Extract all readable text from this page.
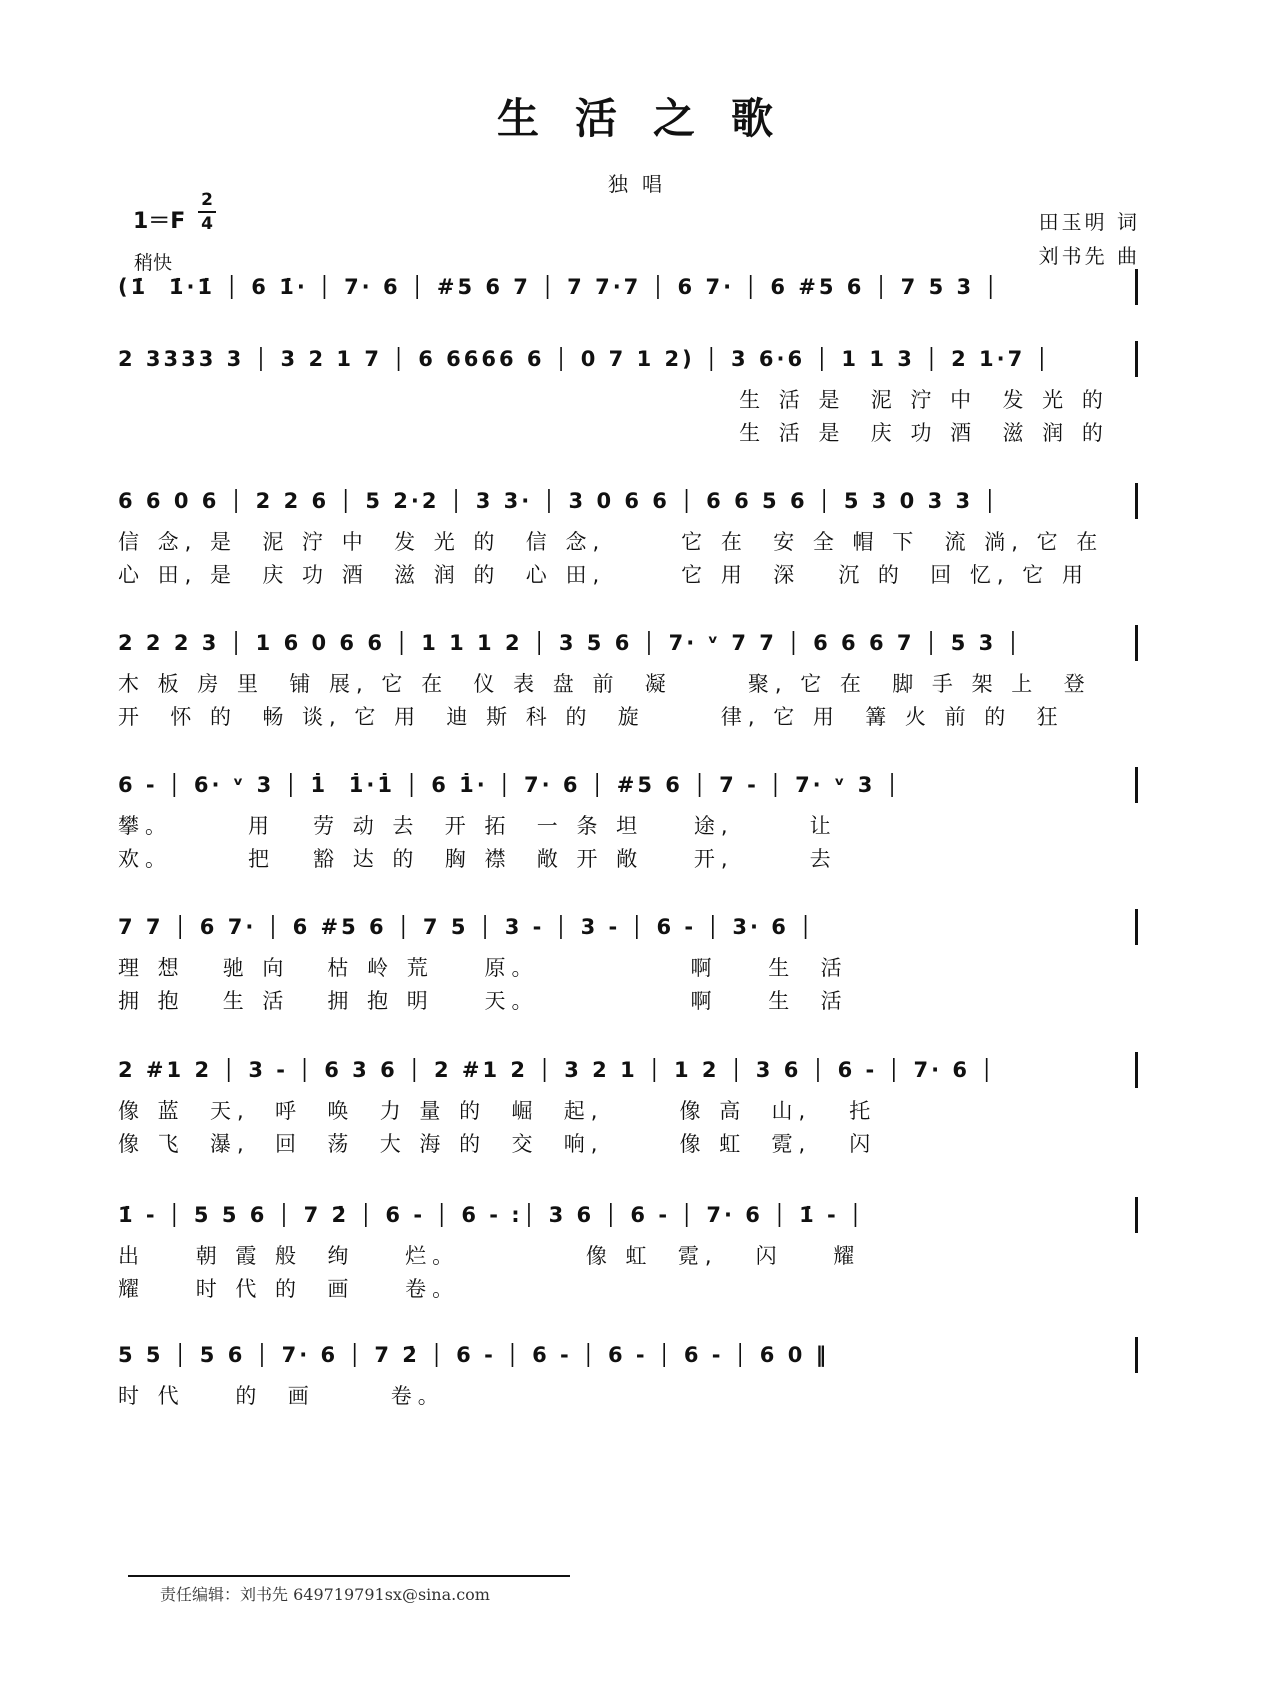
生活之歌
独唱
1＝F
2
4
稍快
田玉明 词
刘书先 曲
(1̇  1̇·1̇ │ 6 1̇· │ 7· 6 │ #5 6 7 │ 7 7·7 │ 6 7· │ 6 #5 6 │ 7 5 3 │
2 3333 3 │ 3 2 1 7 │ 6 6666 6 │ 0 7 1 2) │ 3 6·6 │ 1 1 3 │ 2 1·7 │
生 活 是  泥 泞 中  发 光 的
生 活 是  庆 功 酒  滋 润 的
6 6 0 6 │ 2 2 6 │ 5 2·2 │ 3 3· │ 3 0 6 6 │ 6 6 5 6 │ 5 3 0 3 3 │
信 念, 是  泥 泞 中  发 光 的  信 念,      它 在  安 全 帽 下  流 淌, 它 在
心 田, 是  庆 功 酒  滋 润 的  心 田,      它 用  深   沉 的  回 忆, 它 用
2 2 2 3 │ 1 6 0 6 6 │ 1 1 1 2 │ 3 5 6 │ 7· ᵛ 7 7 │ 6 6 6 7 │ 5 3 │
木 板 房 里  铺 展, 它 在  仪 表 盘 前  凝      聚, 它 在  脚 手 架 上  登
开  怀 的  畅 谈, 它 用  迪 斯 科 的  旋      律, 它 用  篝 火 前 的  狂
6 - │ 6· ᵛ 3 │ 1̇  1̇·1̇ │ 6 1̇· │ 7· 6 │ #5 6 │ 7 - │ 7· ᵛ 3 │
攀。      用   劳 动 去  开 拓  一 条 坦    途,      让
欢。      把   豁 达 的  胸 襟  敞 开 敞    开,      去
7 7 │ 6 7· │ 6 #5 6 │ 7 5 │ 3 - │ 3 - │ 6 - │ 3· 6 │
理 想   驰 向   枯 岭 荒    原。            啊    生  活
拥 抱   生 活   拥 抱 明    天。            啊    生  活
2 #1 2 │ 3 - │ 6 3 6 │ 2 #1 2 │ 3 2 1 │ 1 2 │ 3 6 │ 6 - │ 7· 6 │
像 蓝  天,  呼  唤  力 量 的  崛  起,      像 高  山,   托
像 飞  瀑,  回  荡  大 海 的  交  响,      像 虹  霓,   闪
1̇ - │ 5 5 6 │ 7 2̇ │ 6 - │ 6 - :│ 3 6 │ 6 - │ 7· 6 │ 1̇ - │
出    朝 霞 般  绚    烂。          像 虹  霓,   闪    耀
耀    时 代 的  画    卷。
5 5 │ 5 6 │ 7· 6 │ 7 2̇ │ 6 - │ 6 - │ 6 - │ 6 - │ 6 0 ‖
时 代    的  画      卷。
责任编辑：刘书先 649719791sx@sina.com
